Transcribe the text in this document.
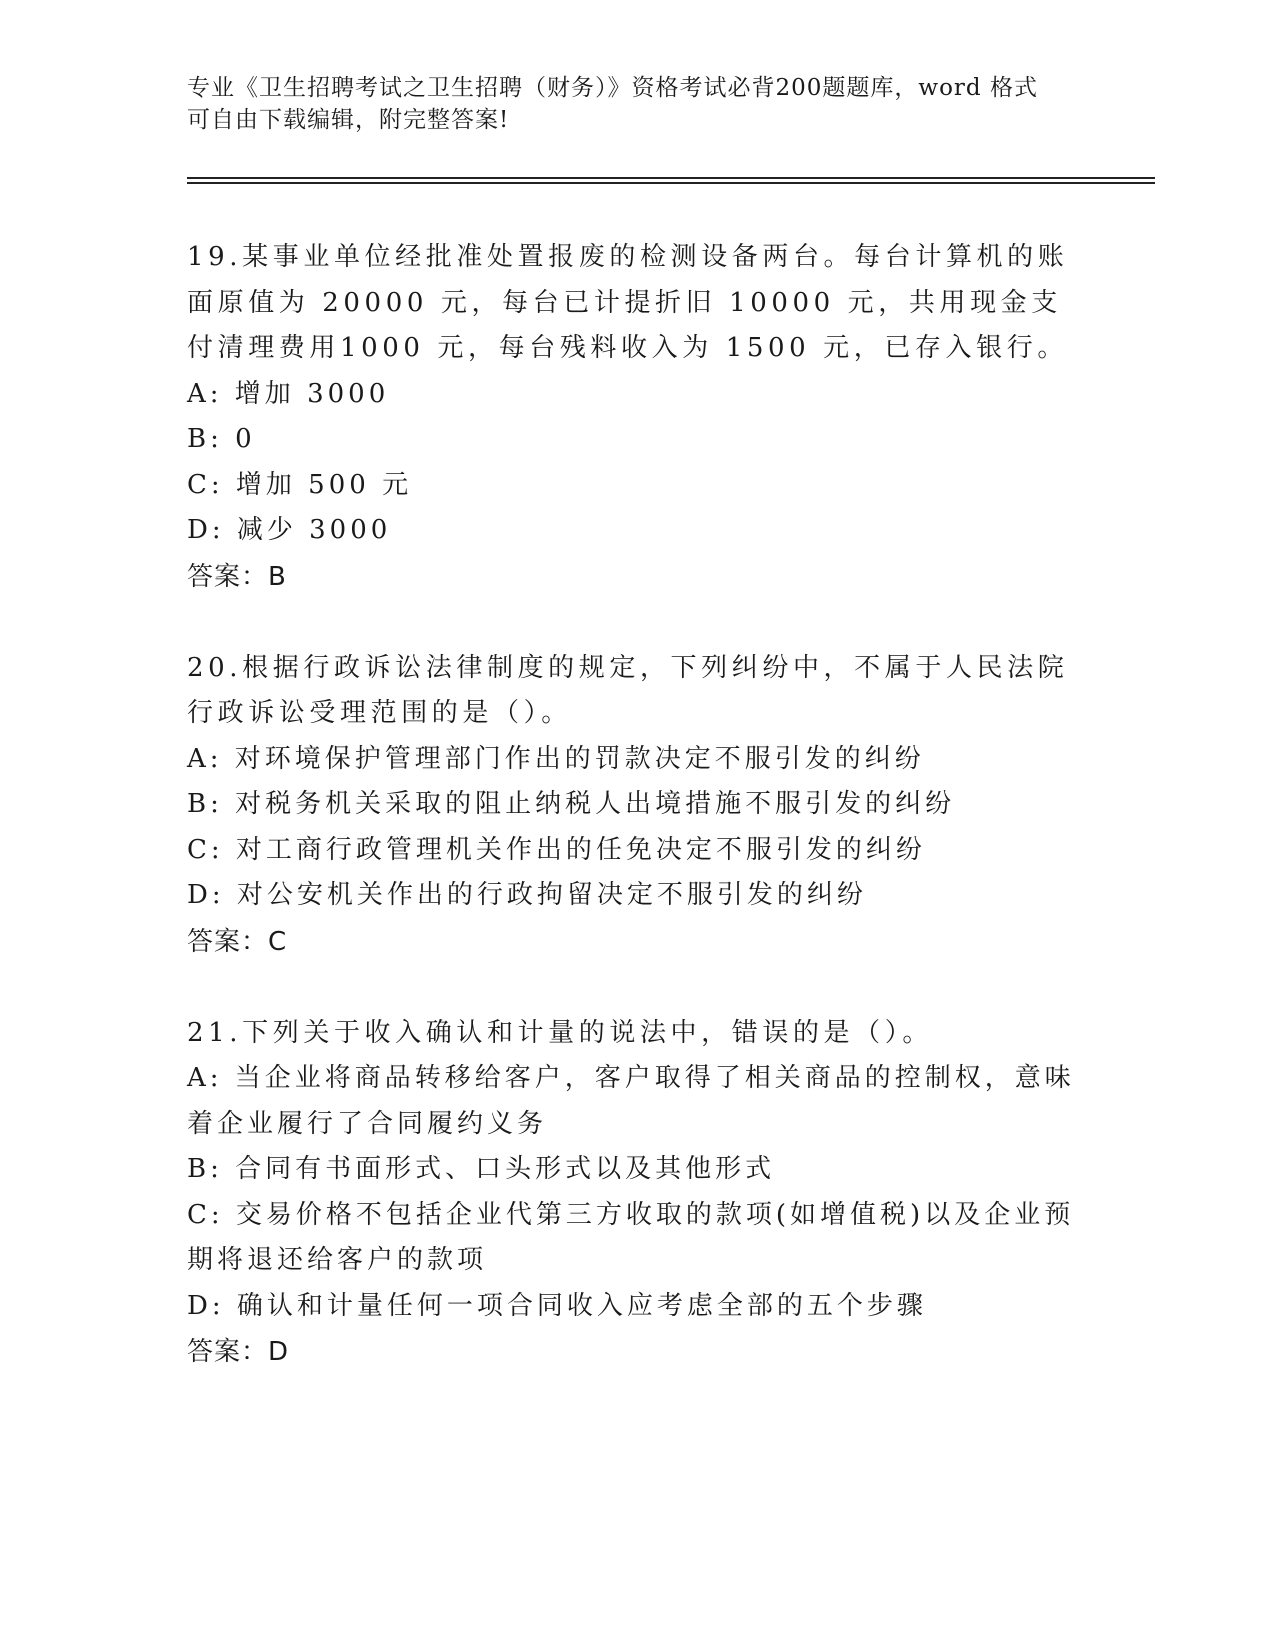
专业《卫生招聘考试之卫生招聘（财务）》资格考试必背200题题库，word 格式
可自由下载编辑，附完整答案!
19.某事业单位经批准处置报废的检测设备两台。每台计算机的账面原值为 20000 元，每台已计提折旧 10000 元，共用现金支付清理费用1000 元，每台残料收入为 1500 元，已存入银行。
A: 增加 3000
B: 0
C: 增加 500 元
D: 减少 3000
答案：B
20.根据行政诉讼法律制度的规定，下列纠纷中，不属于人民法院行政诉讼受理范围的是（）。
A: 对环境保护管理部门作出的罚款决定不服引发的纠纷
B: 对税务机关采取的阻止纳税人出境措施不服引发的纠纷
C: 对工商行政管理机关作出的任免决定不服引发的纠纷
D: 对公安机关作出的行政拘留决定不服引发的纠纷
答案：C
21.下列关于收入确认和计量的说法中，错误的是（）。
A: 当企业将商品转移给客户，客户取得了相关商品的控制权，意味着企业履行了合同履约义务
B: 合同有书面形式、口头形式以及其他形式
C: 交易价格不包括企业代第三方收取的款项(如增值税)以及企业预期将退还给客户的款项
D: 确认和计量任何一项合同收入应考虑全部的五个步骤
答案：D
